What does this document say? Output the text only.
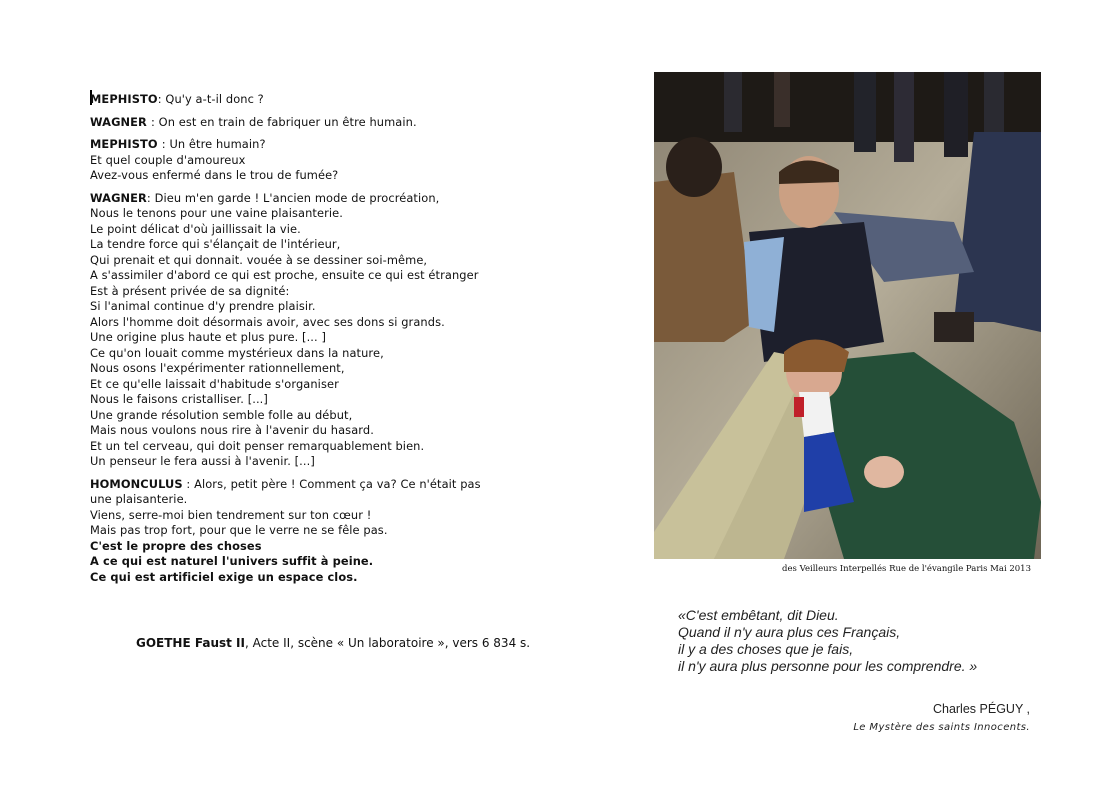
MEPHISTO: Qu'y a-t-il donc ?
WAGNER : On est en train de fabriquer un être humain.
MEPHISTO : Un être humain?
Et quel couple d'amoureux
Avez-vous enfermé dans le trou de fumée?
WAGNER: Dieu m'en garde ! L'ancien mode de procréation,
Nous le tenons pour une vaine plaisanterie.
Le point délicat d'où jaillissait la vie.
La tendre force qui s'élançait de l'intérieur,
Qui prenait et qui donnait. vouée à se dessiner soi-même,
A s'assimiler d'abord ce qui est proche, ensuite ce qui est étranger
Est à présent privée de sa dignité:
Si l'animal continue d'y prendre plaisir.
Alors l'homme doit désormais avoir, avec ses dons si grands.
Une origine plus haute et plus pure. [... ]
Ce qu'on louait comme mystérieux dans la nature,
Nous osons l'expérimenter rationnellement,
Et ce qu'elle laissait d'habitude s'organiser
Nous le faisons cristalliser. [...]
Une grande résolution semble folle au début,
Mais nous voulons nous rire à l'avenir du hasard.
Et un tel cerveau, qui doit penser remarquablement bien.
Un penseur le fera aussi à l'avenir. [...]
HOMONCULUS : Alors, petit père ! Comment ça va? Ce n'était pas
une plaisanterie.
Viens, serre-moi bien tendrement sur ton cœur !
Mais pas trop fort, pour que le verre ne se fêle pas.
C'est le propre des choses
A ce qui est naturel l'univers suffit à peine.
Ce qui est artificiel exige un espace clos.
GOETHE Faust II, Acte II, scène « Un laboratoire », vers 6 834 s.
des Veilleurs Interpellés Rue de l'évangile Paris Mai 2013
«C'est embêtant, dit Dieu.
Quand il n'y aura plus ces Français,
il y a des choses que je fais,
il n'y aura plus personne pour les comprendre. »
Charles PÉGUY ,
Le Mystère des saints Innocents.
